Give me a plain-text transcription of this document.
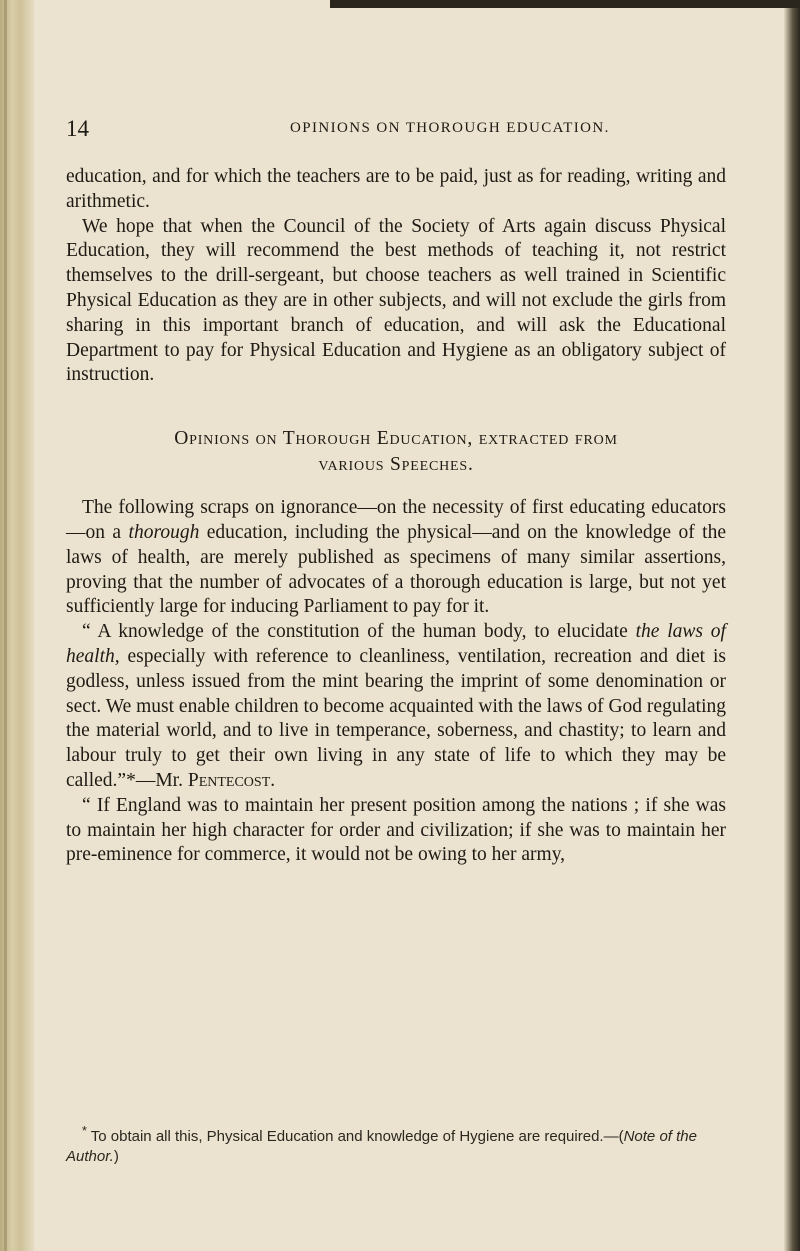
14	OPINIONS ON THOROUGH EDUCATION.

education, and for which the teachers are to be paid, just as for reading, writing and arithmetic.

We hope that when the Council of the Society of Arts again discuss Physical Education, they will recommend the best methods of teaching it, not restrict themselves to the drill-sergeant, but choose teachers as well trained in Scientific Physical Education as they are in other subjects, and will not exclude the girls from sharing in this important branch of education, and will ask the Educational Department to pay for Physical Education and Hygiene as an obligatory subject of instruction.

Opinions on Thorough Education, extracted from
various Speeches.

The following scraps on ignorance—on the necessity of first educating educators—on a thorough education, including the physical—and on the knowledge of the laws of health, are merely published as specimens of many similar assertions, proving that the number of advocates of a thorough education is large, but not yet sufficiently large for inducing Parliament to pay for it.

“ A knowledge of the constitution of the human body, to elucidate the laws of health, especially with reference to cleanliness, ventilation, recreation and diet is godless, unless issued from the mint bearing the imprint of some denomination or sect. We must enable children to become acquainted with the laws of God regulating the material world, and to live in temperance, soberness, and chastity; to learn and labour truly to get their own living in any state of life to which they may be called.”*—Mr. Pentecost.

“ If England was to maintain her present position among the nations ; if she was to maintain her high character for order and civilization; if she was to maintain her pre-eminence for commerce, it would not be owing to her army,

* To obtain all this, Physical Education and knowledge of Hygiene are required.—(Note of the Author.)
